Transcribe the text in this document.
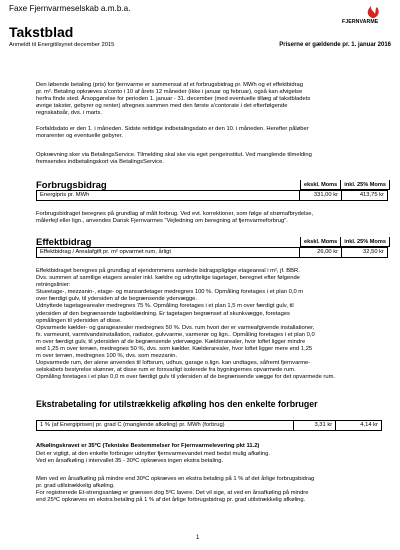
Faxe Fjernvarmeselskab a.m.b.a.
FJERNVARME
Takstblad
Anmeldt til Energitilsynet december 2015	Priserne er gældende pr. 1. januar 2016
Den løbende betaling (pris) for fjernvarme er sammensat af et forbrugsbidrag pr. MWh og et effektbidrag
pr. m². Betaling opkræves a'conto i 10 af årets 12 måneder (ikke i januar og februar), også kan afvigelse
herfra finde sted. Årsopgørelse for perioden 1. januar - 31. december (med eventuelle tillæg af takstbladets
øvrige takster, gebyrer og renter) afregnes sammen med den første a'contorate i det efterfølgende
regnskabsår, dvs. i marts.
Forfaldsdato er den 1. i måneden. Sidste rettidige indbetalingsdato er den 10. i måneden. Herefter påløber
morarenter og eventuelle gebyrer.
Opkrævning sker via BetalingsService. Tilmelding skal ske via eget pengeinstitut. Ved manglende tilmelding
fremsendes indbetalingskort via BetalingsService.
Forbrugsbidrag	ekskl. Moms	inkl. 25% Moms
Energipris pr. MWh	331,00 kr	413,75 kr
Forbrugsbidraget beregnes på grundlag af målt forbrug. Ved evt. korrektioner, som følge af strømafbrydelse,
målerfejl eller lign., anvendes Dansk Fjernvarmes "Vejledning om beregning af fjernvarmeforbrug".
Effektbidrag	ekskl. Moms	inkl. 25% Moms
Effektbidrag / Arealafgift pr. m² opvarmet rum, årligt	26,00 kr	32,50 kr
Effektbidraget beregnes på grundlag af ejendommens samlede bidragspligtige etageareal i m², jf. BBR.
Dvs. summen af samtlige etagers arealer inkl. kældre og udnyttelige tagetager, beregnet efter følgende
retningslinier:
Stueetage-, mezzanin-, etage- og mansardetager medregnes 100 %. Opmåling foretages i et plan 0,0 m
over færdigt gulv, til ydersiden af de begrænsende ydervægge.
Udnyttede tagetagearealer medregnes 75 %. Opmåling foretages i et plan 1,5 m over færdigt gulv, til
ydersiden af den begrænsende tagbeklædning. Er tagetagen begrænset af skunkvægge, foretages
opmålingen til ydersiden af disse.
Opvarmede kælder- og garagearealer medregnes 50 %. Dvs. rum hvori der er varmeafgivende installationer,
fx. varmeunit, varmtvandsinstallation, radiator, gulvvarme, varmerør og lign.. Opmåling foretages i et plan 0,0
m over færdigt gulv, til ydersiden af de begrænsende ydervægge. Kælderarealer, hvor loftet ligger mindre
end 1,25 m over terræn, medregnes 50 %, dvs. som kælder. Kælderarealer, hvor loftet ligger mere end 1,25
m over terræn, medregnes 100 %, dvs. som mezzanin.
Uopvarmede rum, der alene anvendes til loftsrum, udhus, garage o.lign. kan undtages, såfremt fjernvarme-
selskabets bestyrelse skønner, at disse rum er forsvarligt isolerede fra bygningernes opvarmede rum.
Opmåling foretages i et plan 0,0 m over færdigt gulv til ydersiden af de begrænsende vægge for det opvarmede rum.
Ekstrabetaling for utilstrækkelig afkøling hos den enkelte forbruger
1 % (af Energiprisen) pr. grad C (manglende afkøling) pr. MWh (forbrug)	3,31 kr	4,14 kr
Afkølingskravet er 35ºC (Tekniske Bestemmelser for Fjernvarmelevering pkt 11.2)
Det er vigtigt, at den enkelte forbruger udnytter fjernvarmevandet med bedst mulig afkøling.
Ved en årsafkøling i intervallet 35 - 30ºC opkræves ingen ekstra betaling.
Men ved en årsafkøling på mindre end 30ºC opkræves en ekstra betaling på 1 % af det årlige forbrugsbidrag
pr. grad utilstrækkelig afkøling.
For registrerede Et-strengsanlæg er grænsen dog 5ºC lavere. Det vil sige, at ved en årsafkøling på mindre
end 25ºC opkræves en ekstra betaling på 1 % af det årlige forbrugsbidrag pr. grad utilstrækkelig afkøling.
1
